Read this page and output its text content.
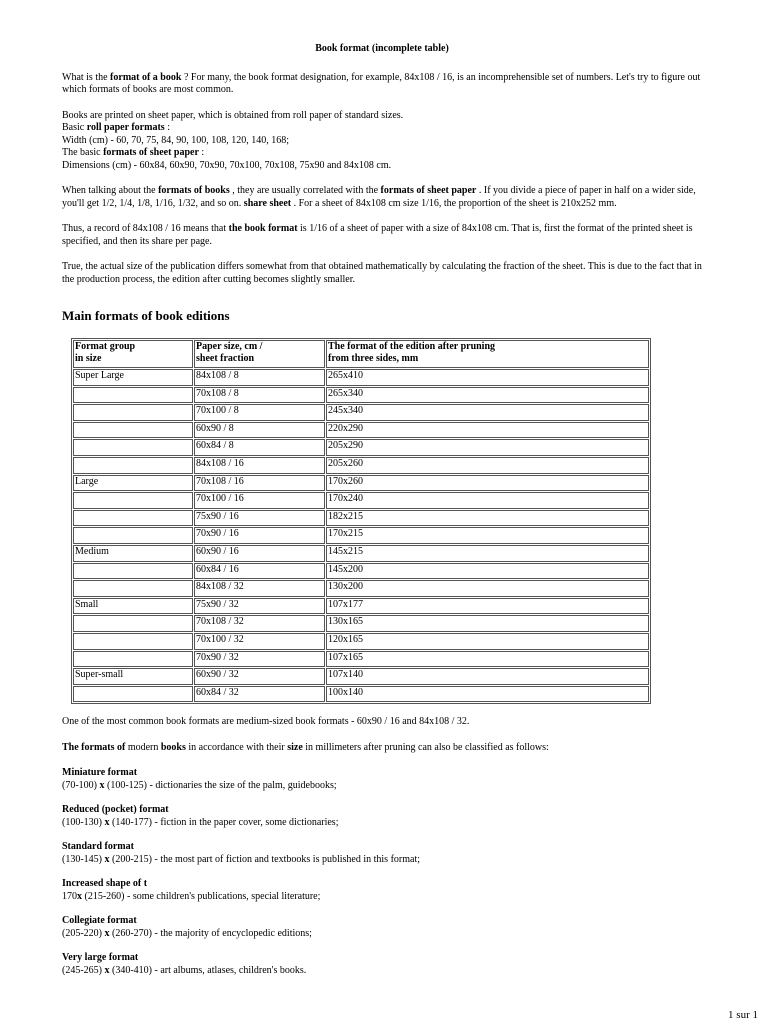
Book format (incomplete table)

What is the format of a book ? For many, the book format designation, for example, 84x108 / 16, is an incomprehensible set of numbers. Let's try to figure out which formats of books are most common.

Books are printed on sheet paper, which is obtained from roll paper of standard sizes.
Basic roll paper formats :
Width (cm) - 60, 70, 75, 84, 90, 100, 108, 120, 140, 168;
The basic formats of sheet paper :
Dimensions (cm) - 60x84, 60x90, 70x90, 70x100, 70x108, 75x90 and 84x108 cm.

When talking about the formats of books , they are usually correlated with the formats of sheet paper . If you divide a piece of paper in half on a wider side, you'll get 1/2, 1/4, 1/8, 1/16, 1/32, and so on. share sheet . For a sheet of 84x108 cm size 1/16, the proportion of the sheet is 210x252 mm.

Thus, a record of 84x108 / 16 means that the book format is 1/16 of a sheet of paper with a size of 84x108 cm. That is, first the format of the printed sheet is specified, and then its share per page.

True, the actual size of the publication differs somewhat from that obtained mathematically by calculating the fraction of the sheet. This is due to the fact that in the production process, the edition after cutting becomes slightly smaller.

Main formats of book editions
Format group
in size	Paper size, cm /
sheet fraction	The format of the edition after pruning
from three sides, mm
Super Large	84x108 / 8	265x410
	70x108 / 8	265x340
	70x100 / 8	245x340
	60x90 / 8	220x290
	60x84 / 8	205x290
	84x108 / 16	205x260
Large	70x108 / 16	170x260
	70x100 / 16	170x240
	75x90 / 16	182x215
	70x90 / 16	170x215
Medium	60x90 / 16	145x215
	60x84 / 16	145x200
	84x108 / 32	130x200
Small	75x90 / 32	107x177
	70x108 / 32	130x165
	70x100 / 32	120x165
	70x90 / 32	107x165
Super-small	60x90 / 32	107x140
	60x84 / 32	100x140

One of the most common book formats are medium-sized book formats - 60x90 / 16 and 84x108 / 32.

The formats of modern books in accordance with their size in millimeters after pruning can also be classified as follows:

Miniature format
(70-100) x (100-125) - dictionaries the size of the palm, guidebooks;
Reduced (pocket) format
(100-130) x (140-177) - fiction in the paper cover, some dictionaries;
Standard format
(130-145) x (200-215) - the most part of fiction and textbooks is published in this format;
Increased shape of t
170x (215-260) - some children's publications, special literature;
Collegiate format
(205-220) x (260-270) - the majority of encyclopedic editions;
Very large format
(245-265) x (340-410) - art albums, atlases, children's books.
1 sur 1
